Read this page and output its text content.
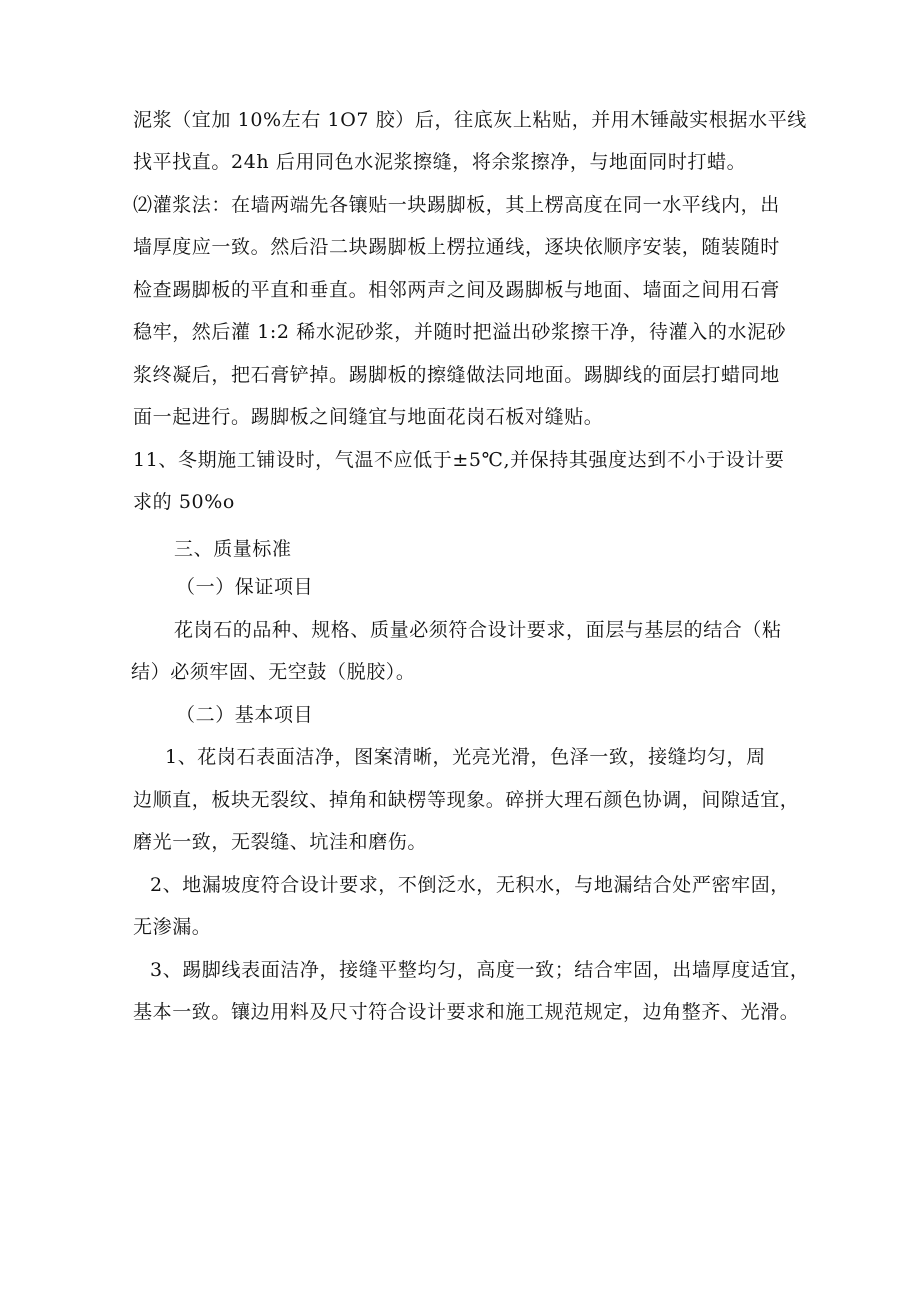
泥浆（宜加 10%左右 1O7 胶）后，往底灰上粘贴，并用木锤敲实根据水平线
找平找直。24h 后用同色水泥浆擦缝，将余浆擦净，与地面同时打蜡。
⑵灌浆法：在墙两端先各镶贴一块踢脚板，其上楞高度在同一水平线内，出
墙厚度应一致。然后沿二块踢脚板上楞拉通线，逐块依顺序安装，随装随时
检查踢脚板的平直和垂直。相邻两声之间及踢脚板与地面、墙面之间用石膏
稳牢，然后灌 1:2 稀水泥砂浆，并随时把溢出砂浆擦干净，待灌入的水泥砂
浆终凝后，把石膏铲掉。踢脚板的擦缝做法同地面。踢脚线的面层打蜡同地
面一起进行。踢脚板之间缝宜与地面花岗石板对缝贴。
11、冬期施工铺设时，气温不应低于±5℃,并保持其强度达到不小于设计要
求的 50%o
三、质量标准
（一）保证项目
花岗石的品种、规格、质量必须符合设计要求，面层与基层的结合（粘
结）必须牢固、无空鼓（脱胶）。
（二）基本项目
1、花岗石表面洁净，图案清晰，光亮光滑，色泽一致，接缝均匀，周
边顺直，板块无裂纹、掉角和缺楞等现象。碎拼大理石颜色协调，间隙适宜，
磨光一致，无裂缝、坑洼和磨伤。
2、地漏坡度符合设计要求，不倒泛水，无积水，与地漏结合处严密牢固，
无渗漏。
3、踢脚线表面洁净，接缝平整均匀，高度一致；结合牢固，出墙厚度适宜，
基本一致。镶边用料及尺寸符合设计要求和施工规范规定，边角整齐、光滑。
